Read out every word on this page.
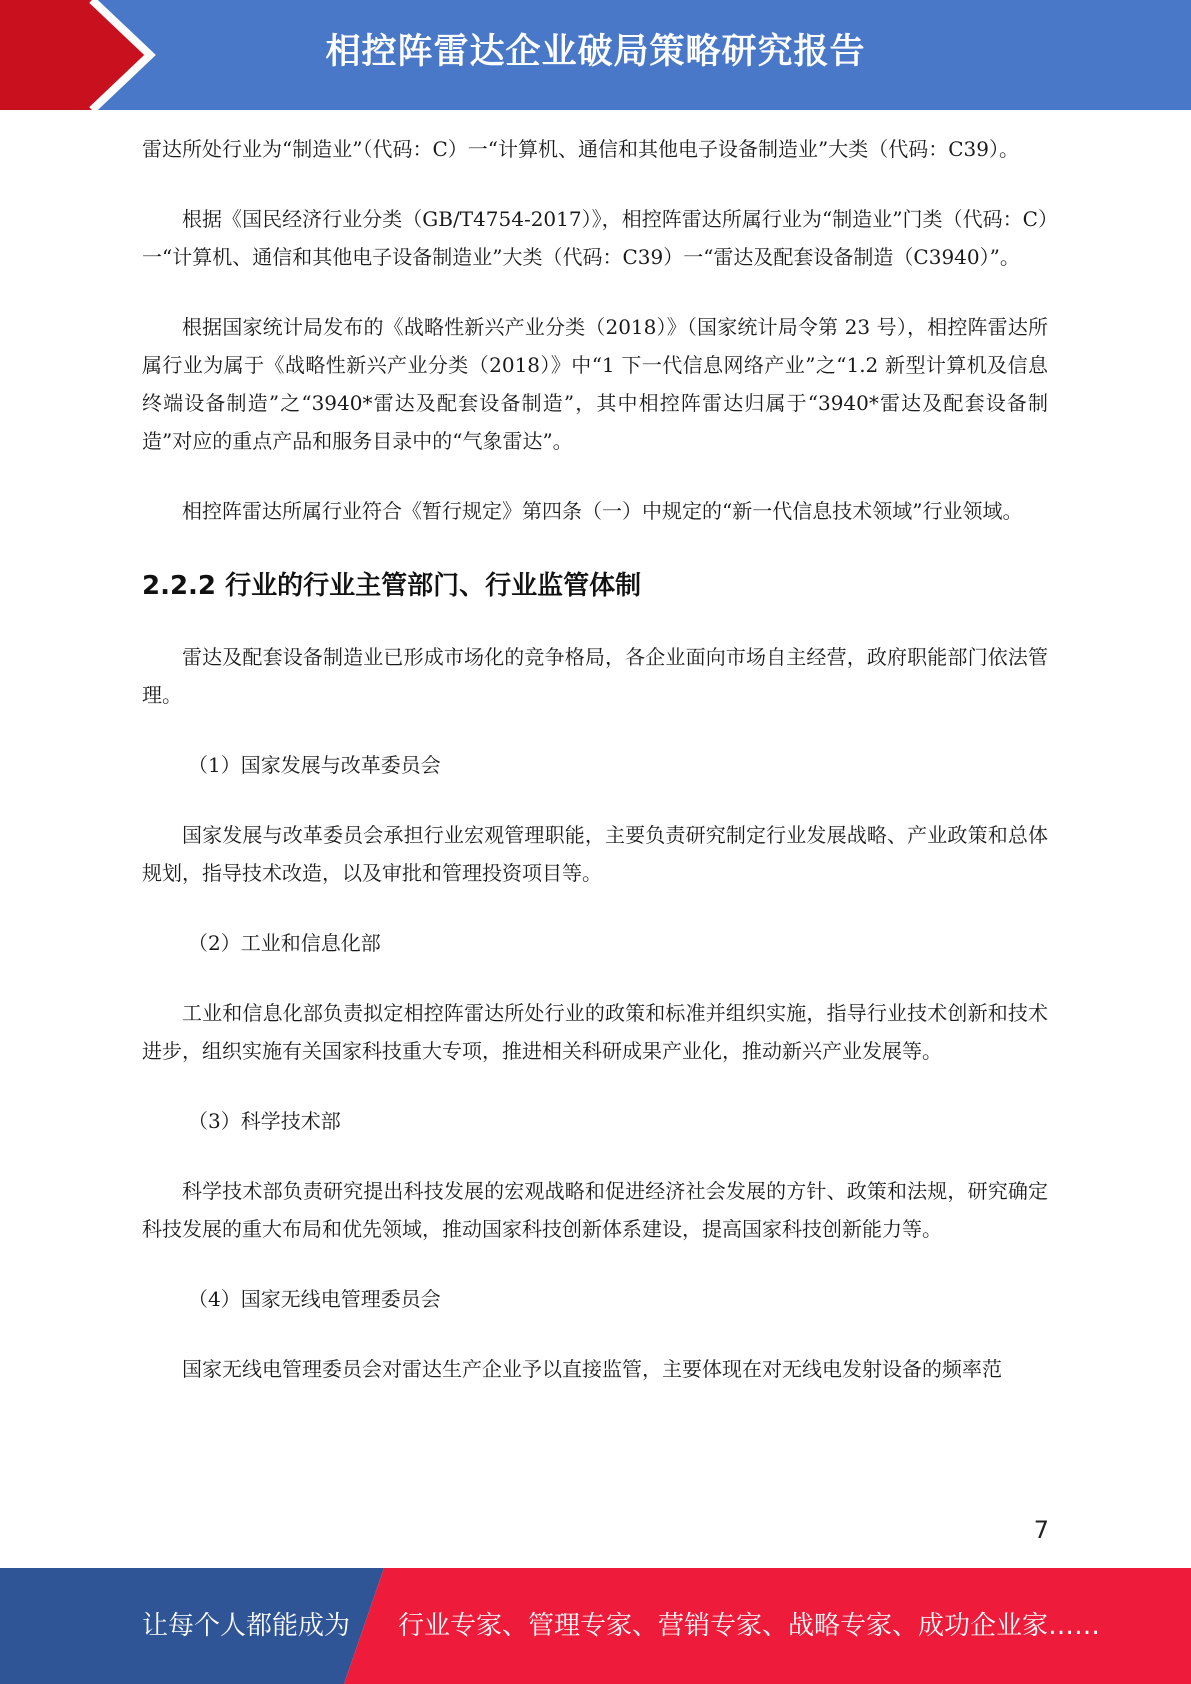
相控阵雷达企业破局策略研究报告

雷达所处行业为“制造业”（代码：C）一“计算机、通信和其他电子设备制造业”大类（代码：C39）。

根据《国民经济行业分类（GB/T4754-2017）》，相控阵雷达所属行业为“制造业”门类（代码：C）一“计算机、通信和其他电子设备制造业”大类（代码：C39）一“雷达及配套设备制造（C3940）”。

根据国家统计局发布的《战略性新兴产业分类（2018）》（国家统计局令第 23 号），相控阵雷达所属行业为属于《战略性新兴产业分类（2018）》中“1 下一代信息网络产业”之“1.2 新型计算机及信息终端设备制造”之“3940*雷达及配套设备制造”，其中相控阵雷达归属于“3940*雷达及配套设备制造”对应的重点产品和服务目录中的“气象雷达”。

相控阵雷达所属行业符合《暂行规定》第四条（一）中规定的“新一代信息技术领域”行业领域。

2.2.2 行业的行业主管部门、行业监管体制

雷达及配套设备制造业已形成市场化的竞争格局，各企业面向市场自主经营，政府职能部门依法管理。

（1）国家发展与改革委员会

国家发展与改革委员会承担行业宏观管理职能，主要负责研究制定行业发展战略、产业政策和总体规划，指导技术改造，以及审批和管理投资项目等。

（2）工业和信息化部

工业和信息化部负责拟定相控阵雷达所处行业的政策和标准并组织实施，指导行业技术创新和技术进步，组织实施有关国家科技重大专项，推进相关科研成果产业化，推动新兴产业发展等。

（3）科学技术部

科学技术部负责研究提出科技发展的宏观战略和促进经济社会发展的方针、政策和法规，研究确定科技发展的重大布局和优先领域，推动国家科技创新体系建设，提高国家科技创新能力等。

（4）国家无线电管理委员会

国家无线电管理委员会对雷达生产企业予以直接监管，主要体现在对无线电发射设备的频率范

7
让每个人都能成为 行业专家、管理专家、营销专家、战略专家、成功企业家……
